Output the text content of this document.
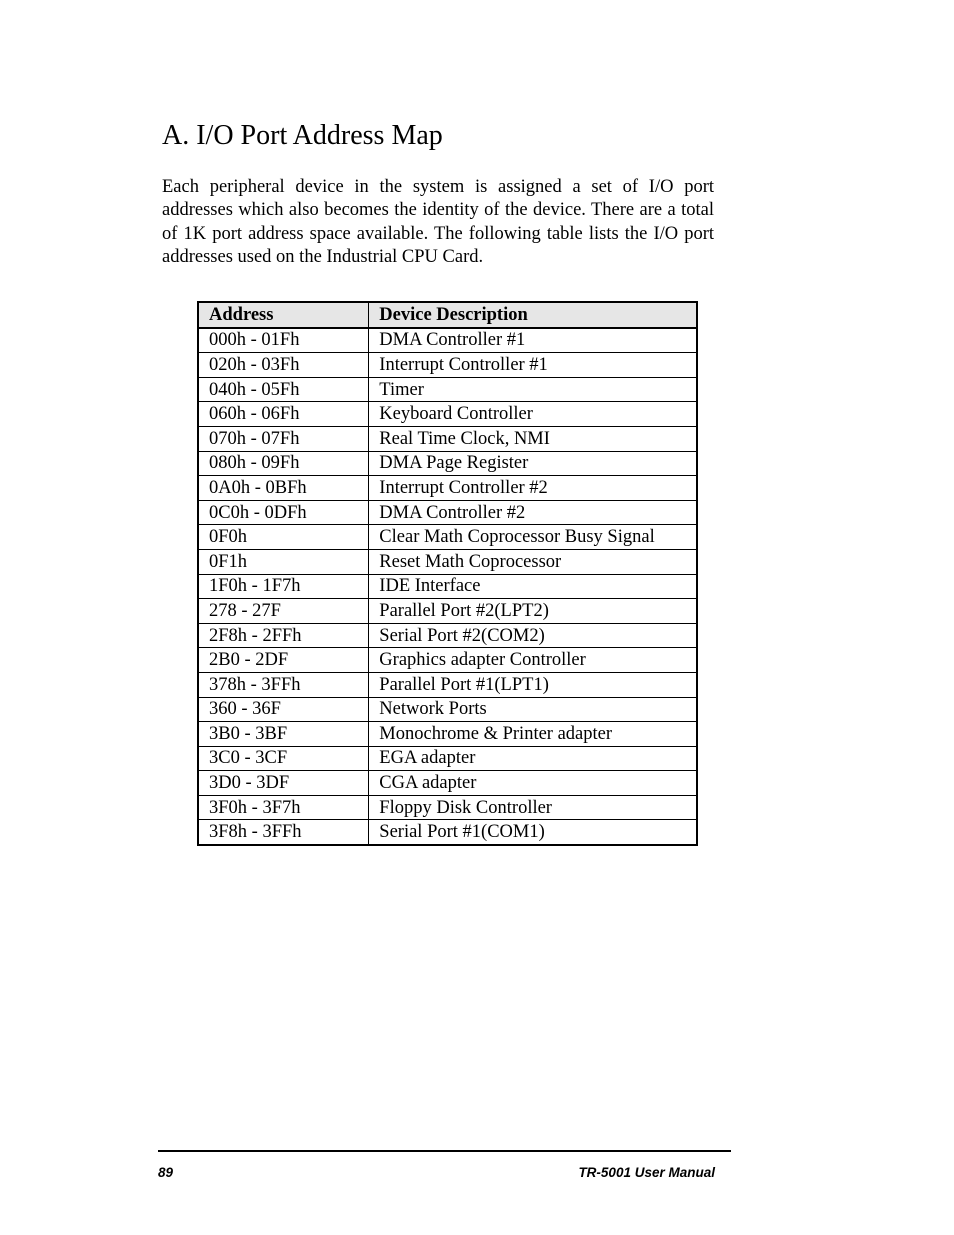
A. I/O Port Address Map

Each peripheral device in the system is assigned a set of I/O port addresses which also becomes the identity of the device. There are a total of 1K port address space available. The following table lists the I/O port addresses used on the Industrial CPU Card.

Address	Device Description
000h - 01Fh	DMA Controller #1
020h - 03Fh	Interrupt Controller #1
040h - 05Fh	Timer
060h - 06Fh	Keyboard Controller
070h - 07Fh	Real Time Clock, NMI
080h - 09Fh	DMA Page Register
0A0h - 0BFh	Interrupt Controller #2
0C0h - 0DFh	DMA Controller #2
0F0h	Clear Math Coprocessor Busy Signal
0F1h	Reset Math Coprocessor
1F0h - 1F7h	IDE Interface
278 - 27F	Parallel Port #2(LPT2)
2F8h - 2FFh	Serial Port #2(COM2)
2B0 - 2DF	Graphics adapter Controller
378h - 3FFh	Parallel Port #1(LPT1)
360 - 36F	Network Ports
3B0 - 3BF	Monochrome & Printer adapter
3C0 - 3CF	EGA adapter
3D0 - 3DF	CGA adapter
3F0h - 3F7h	Floppy Disk Controller
3F8h - 3FFh	Serial Port #1(COM1)
89	TR-5001 User Manual
